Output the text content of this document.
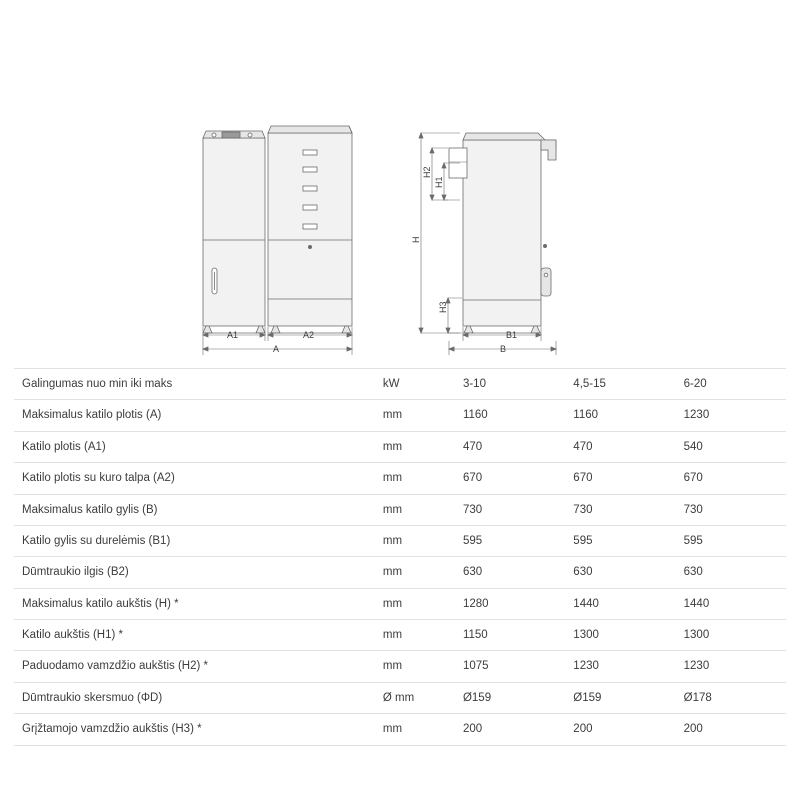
A1	A2
A
B1
B
H2
H1
H
H3
Galingumas nuo min iki maks	kW	3-10	4,5-15	6-20
Maksimalus katilo plotis (A)	mm	1160	1160	1230
Katilo plotis (A1)	mm	470	470	540
Katilo plotis su kuro talpa (A2)	mm	670	670	670
Maksimalus katilo gylis (B)	mm	730	730	730
Katilo gylis su durelėmis (B1)	mm	595	595	595
Dūmtraukio ilgis (B2)	mm	630	630	630
Maksimalus katilo aukštis (H) *	mm	1280	1440	1440
Katilo aukštis (H1) *	mm	1150	1300	1300
Paduodamo vamzdžio aukštis (H2) *	mm	1075	1230	1230
Dūmtraukio skersmuo (ΦD)	Ø mm	Ø159	Ø159	Ø178
Grįžtamojo vamzdžio aukštis (H3) *	mm	200	200	200
